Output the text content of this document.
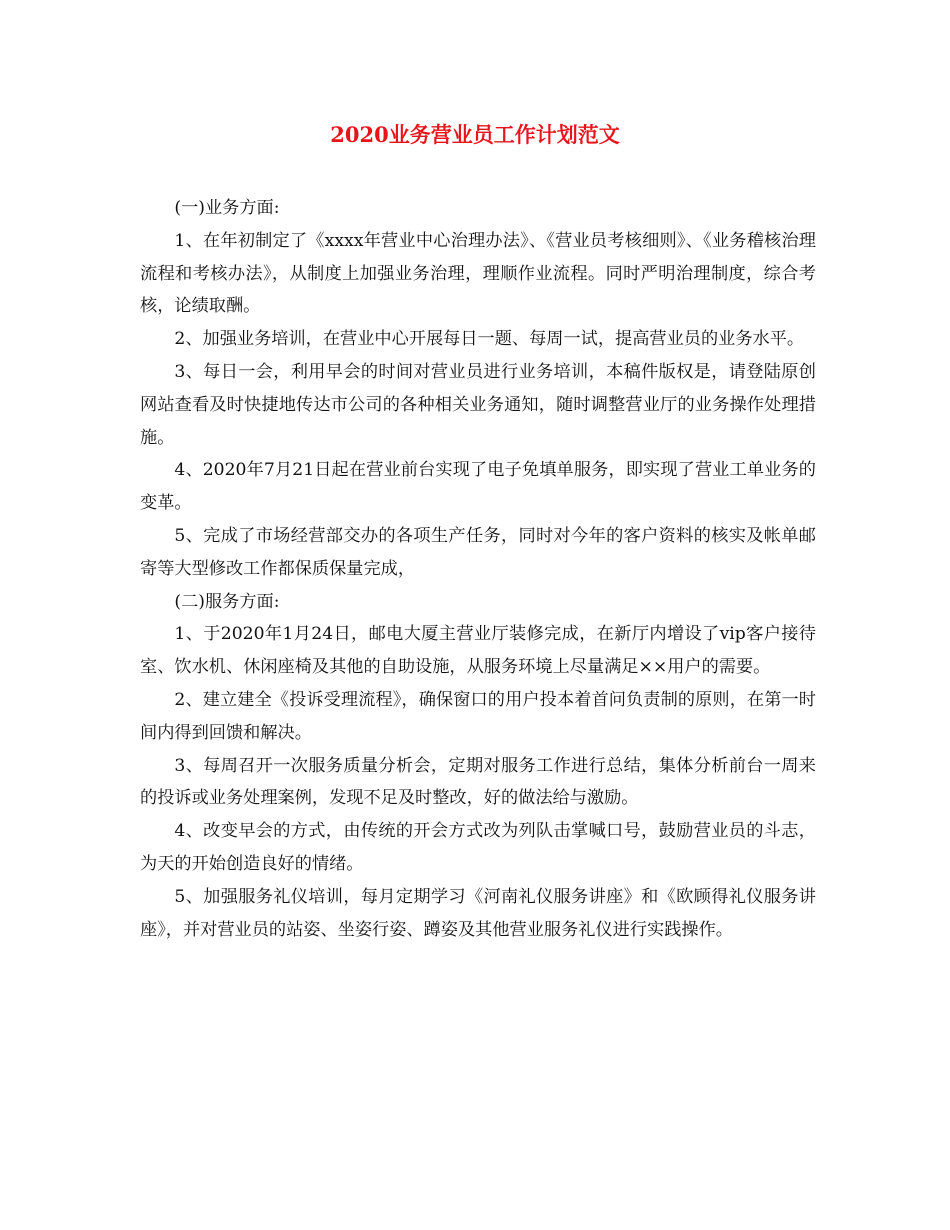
2020业务营业员工作计划范文

(一)业务方面:

1、在年初制定了《xxxx年营业中心治理办法》、《营业员考核细则》、《业务稽核治理流程和考核办法》，从制度上加强业务治理，理顺作业流程。同时严明治理制度，综合考核，论绩取酬。

2、加强业务培训，在营业中心开展每日一题、每周一试，提高营业员的业务水平。

3、每日一会，利用早会的时间对营业员进行业务培训，本稿件版权是，请登陆原创网站查看及时快捷地传达市公司的各种相关业务通知，随时调整营业厅的业务操作处理措施。

4、2020年7月21日起在营业前台实现了电子免填单服务，即实现了营业工单业务的变革。

5、完成了市场经营部交办的各项生产任务，同时对今年的客户资料的核实及帐单邮寄等大型修改工作都保质保量完成，

(二)服务方面:

1、于2020年1月24日，邮电大厦主营业厅装修完成，在新厅内增设了vip客户接待室、饮水机、休闲座椅及其他的自助设施，从服务环境上尽量满足××用户的需要。

2、建立建全《投诉受理流程》，确保窗口的用户投本着首问负责制的原则，在第一时间内得到回馈和解决。

3、每周召开一次服务质量分析会，定期对服务工作进行总结，集体分析前台一周来的投诉或业务处理案例，发现不足及时整改，好的做法给与激励。

4、改变早会的方式，由传统的开会方式改为列队击掌喊口号，鼓励营业员的斗志，为天的开始创造良好的情绪。

5、加强服务礼仪培训，每月定期学习《河南礼仪服务讲座》和《欧顾得礼仪服务讲座》，并对营业员的站姿、坐姿行姿、蹲姿及其他营业服务礼仪进行实践操作。
